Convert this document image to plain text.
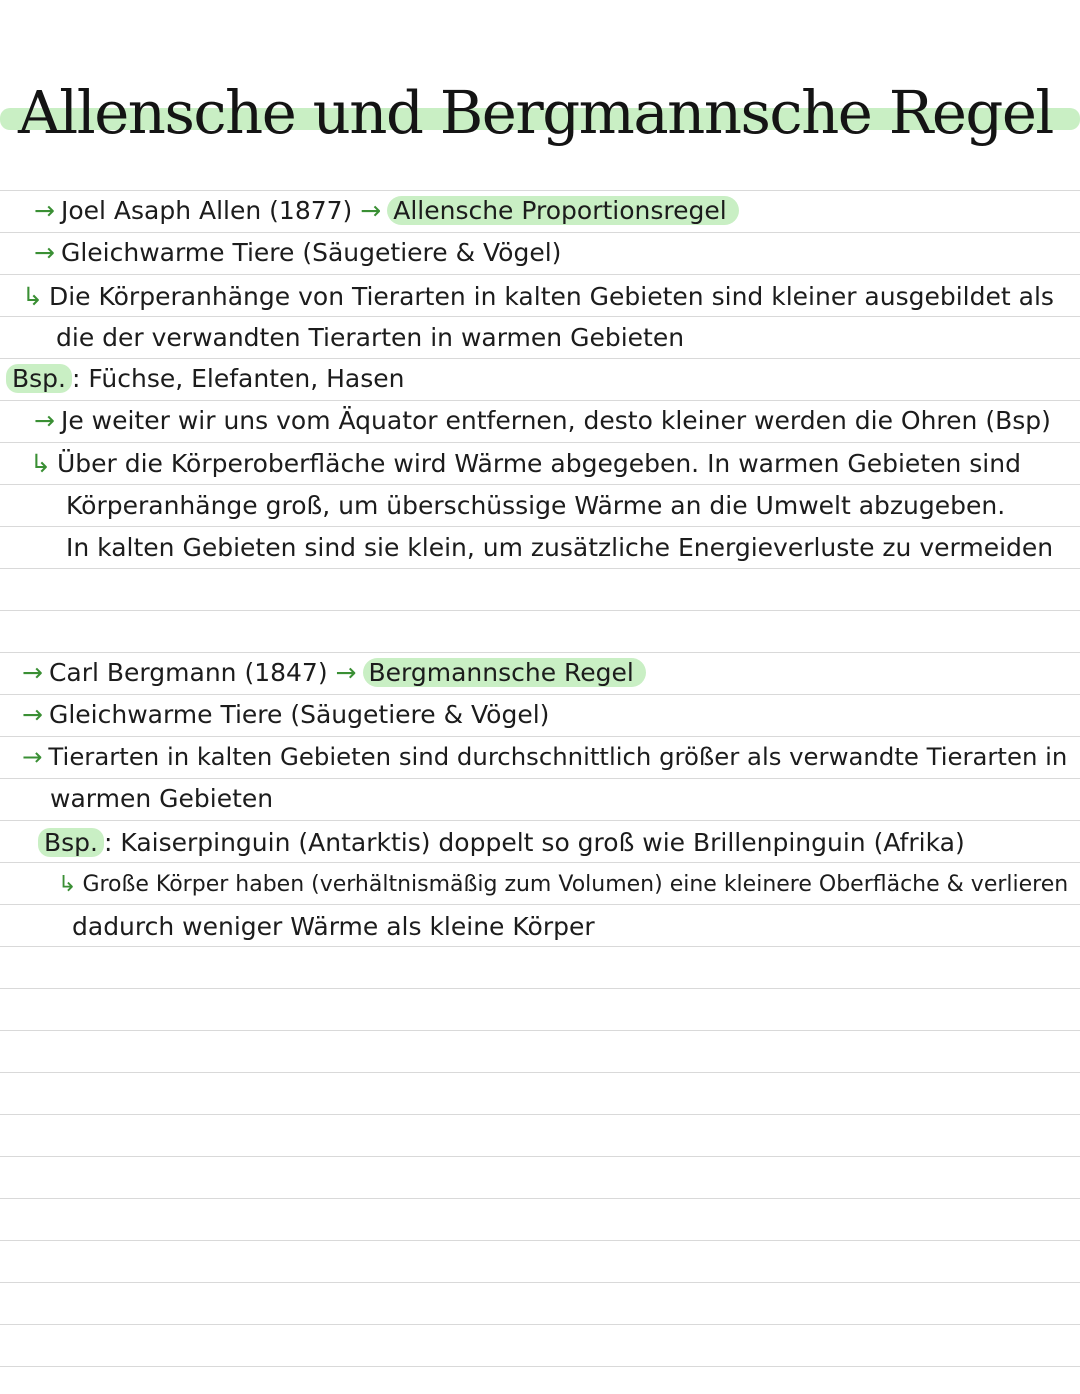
Allensche und Bergmannsche Regel
→ Joel Asaph Allen (1877) → Allensche Proportionsregel
→ Gleichwarme Tiere (Säugetiere & Vögel)
↳ Die Körperanhänge von Tierarten in kalten Gebieten sind kleiner ausgebildet als
die der verwandten Tierarten in warmen Gebieten
Bsp. : Füchse, Elefanten, Hasen
→ Je weiter wir uns vom Äquator entfernen, desto kleiner werden die Ohren (Bsp)
↳ Über die Körperoberfläche wird Wärme abgegeben. In warmen Gebieten sind
Körperanhänge groß, um überschüssige Wärme an die Umwelt abzugeben.
In kalten Gebieten sind sie klein, um zusätzliche Energieverluste zu vermeiden
→ Carl Bergmann (1847) → Bergmannsche Regel
→ Gleichwarme Tiere (Säugetiere & Vögel)
→ Tierarten in kalten Gebieten sind durchschnittlich größer als verwandte Tierarten in
warmen Gebieten
Bsp. : Kaiserpinguin (Antarktis) doppelt so groß wie Brillenpinguin (Afrika)
↳ Große Körper haben (verhältnismäßig zum Volumen) eine kleinere Oberfläche & verlieren
dadurch weniger Wärme als kleine Körper
